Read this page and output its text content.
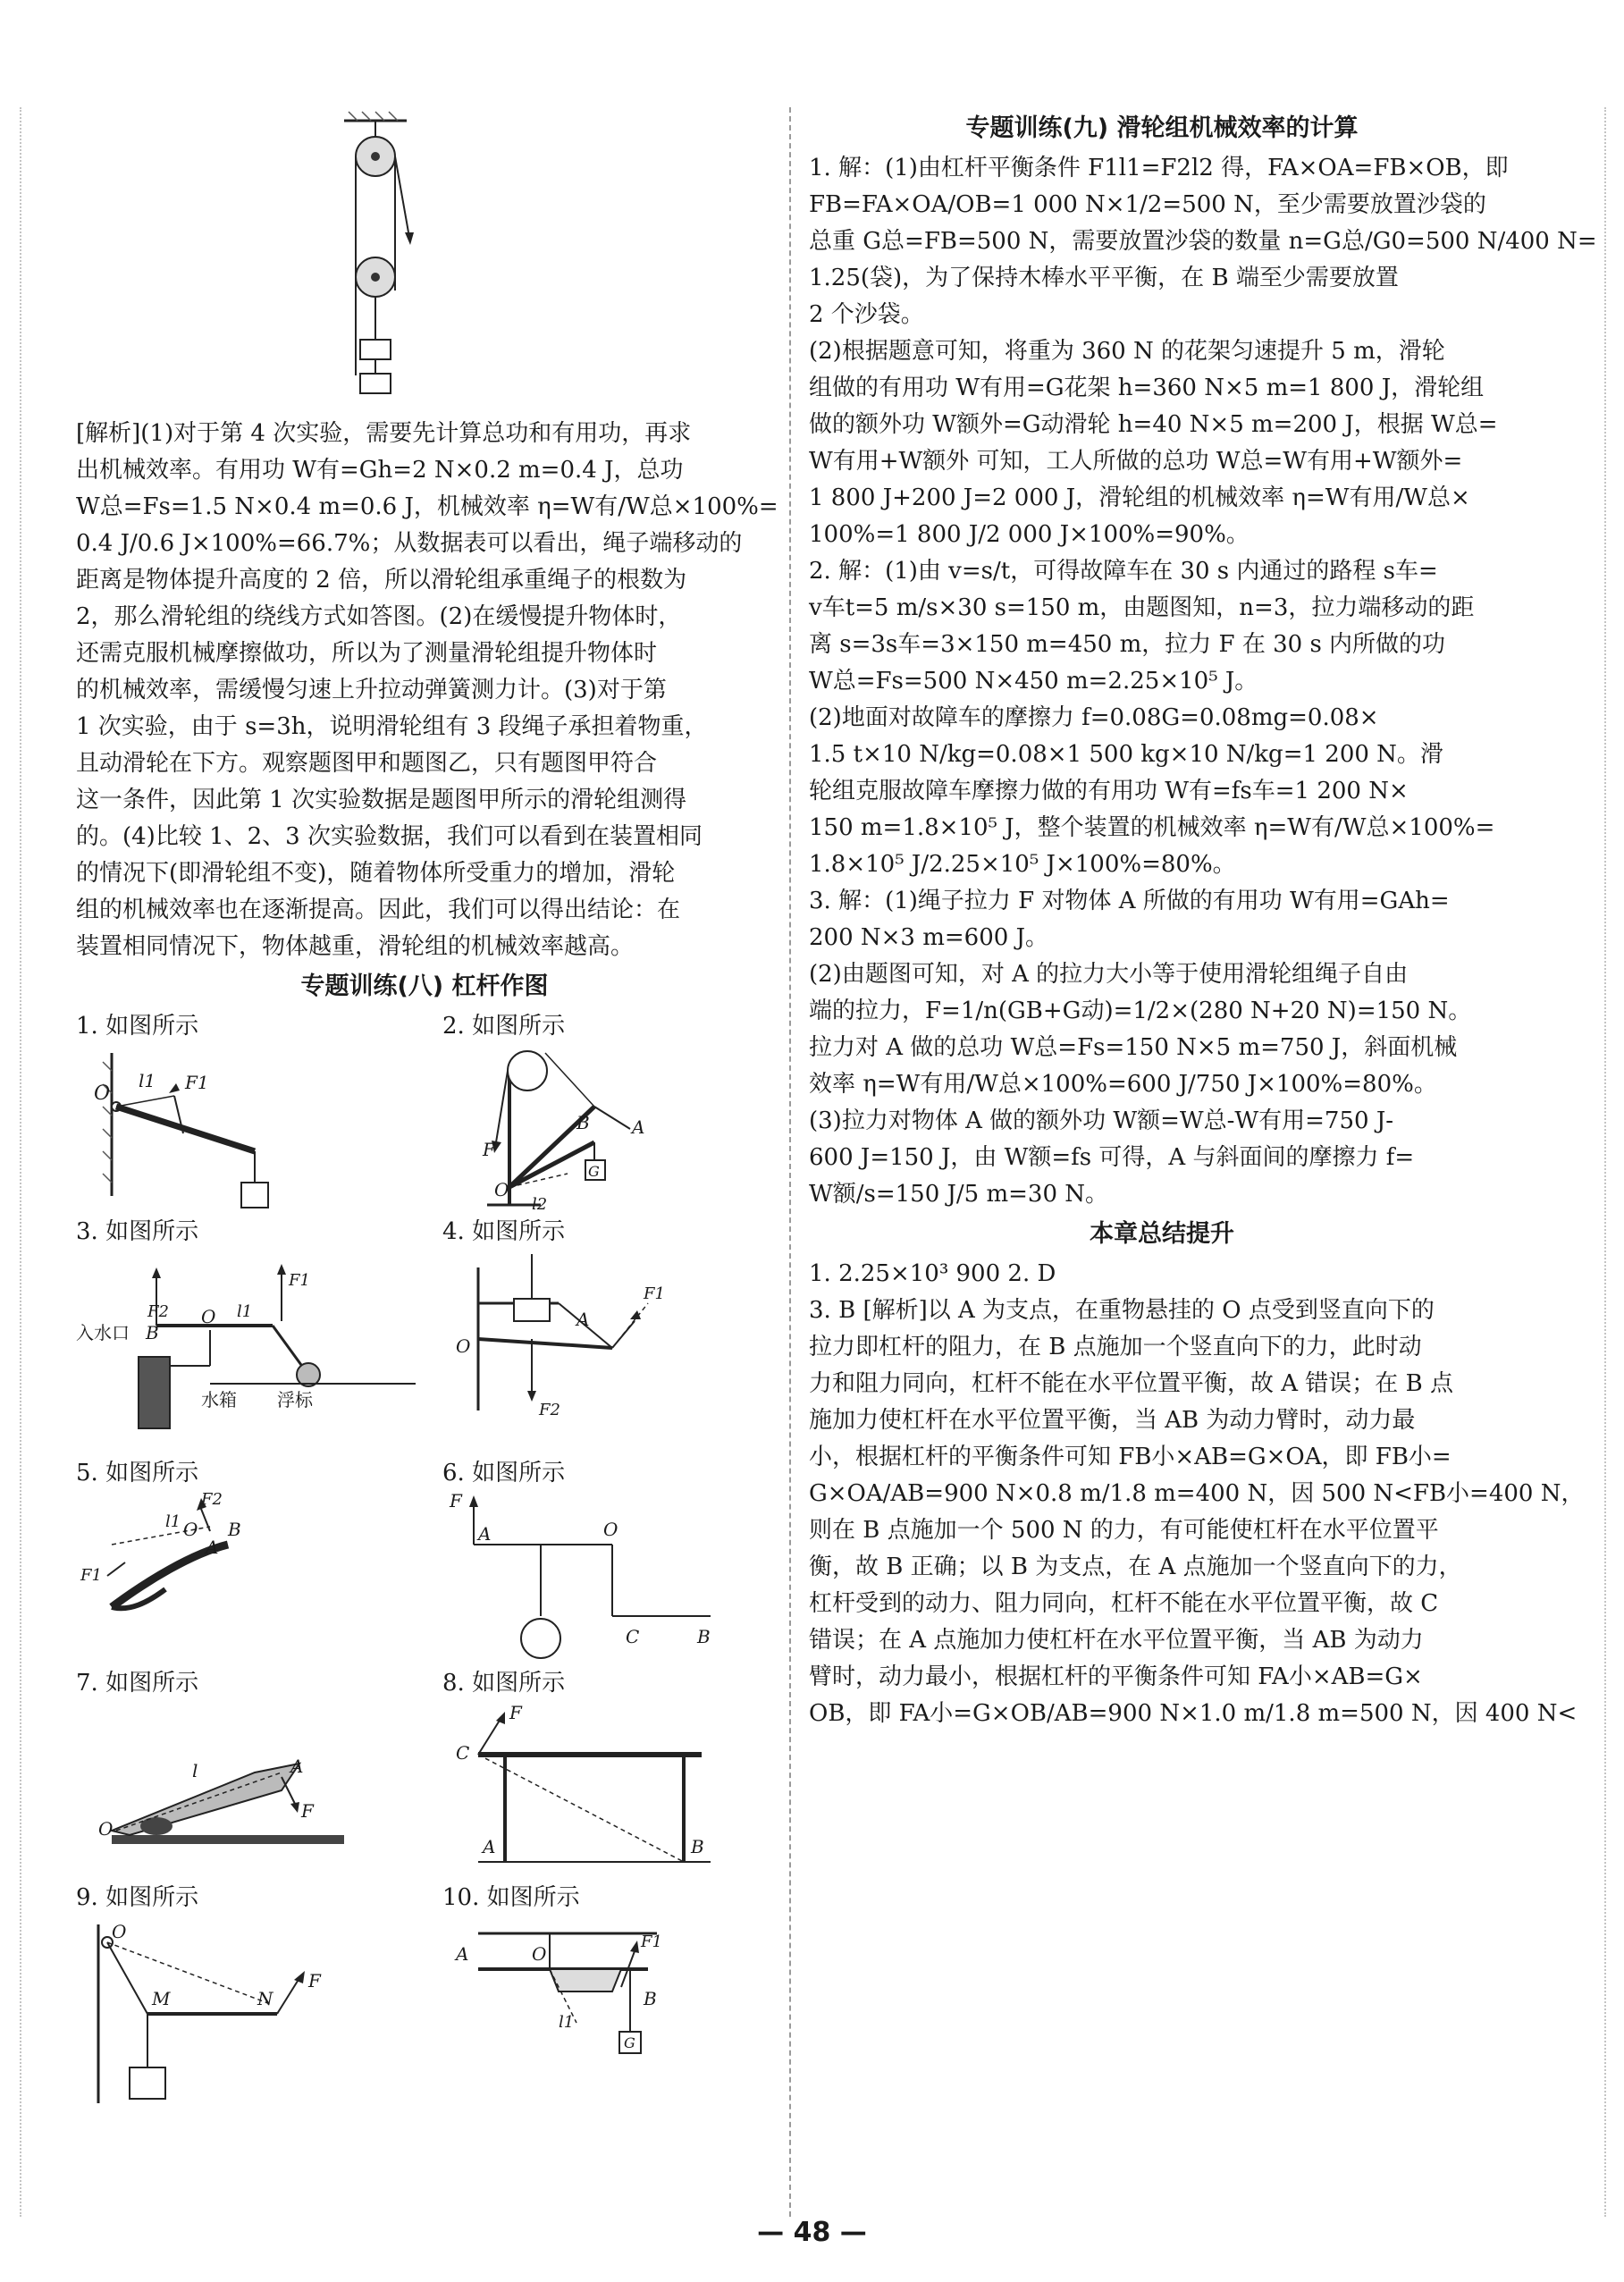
[解析](1)对于第 4 次实验，需要先计算总功和有用功，再求

出机械效率。有用功 W有=Gh=2 N×0.2 m=0.4 J，总功

W总=Fs=1.5 N×0.4 m=0.6 J，机械效率 η=W有/W总×100%=

0.4 J/0.6 J×100%=66.7%；从数据表可以看出，绳子端移动的

距离是物体提升高度的 2 倍，所以滑轮组承重绳子的根数为

2，那么滑轮组的绕线方式如答图。(2)在缓慢提升物体时，

还需克服机械摩擦做功，所以为了测量滑轮组提升物体时

的机械效率，需缓慢匀速上升拉动弹簧测力计。(3)对于第

1 次实验，由于 s=3h，说明滑轮组有 3 段绳子承担着物重，

且动滑轮在下方。观察题图甲和题图乙，只有题图甲符合

这一条件，因此第 1 次实验数据是题图甲所示的滑轮组测得

的。(4)比较 1、2、3 次实验数据，我们可以看到在装置相同

的情况下(即滑轮组不变)，随着物体所受重力的增加，滑轮

组的机械效率也在逐渐提高。因此，我们可以得出结论：在

装置相同情况下，物体越重，滑轮组的机械效率越高。

专题训练(八) 杠杆作图
1. 如图所示
O
l1 F1
2. 如图所示
F
B A
O
l2
G
3. 如图所示
F2
B
入水口
O l1
F1
水箱 浮标
4. 如图所示
O
A
F1
F2
5. 如图所示
F2
l1 O B
F1
A
6. 如图所示
F
A	O
C	B
7. 如图所示
l	A
F
O
8. 如图所示
F
C
A	B
9. 如图所示
O
M	N
F
10. 如图所示
A	O
F1
l1
B
G
专题训练(九) 滑轮组机械效率的计算

1. 解：(1)由杠杆平衡条件 F1l1=F2l2 得，FA×OA=FB×OB，即

FB=FA×OA/OB=1 000 N×1/2=500 N，至少需要放置沙袋的

总重 G总=FB=500 N，需要放置沙袋的数量 n=G总/G0=500 N/400 N=

1.25(袋)，为了保持木棒水平平衡，在 B 端至少需要放置

2 个沙袋。

(2)根据题意可知，将重为 360 N 的花架匀速提升 5 m，滑轮

组做的有用功 W有用=G花架 h=360 N×5 m=1 800 J，滑轮组

做的额外功 W额外=G动滑轮 h=40 N×5 m=200 J，根据 W总=

W有用+W额外 可知，工人所做的总功 W总=W有用+W额外=

1 800 J+200 J=2 000 J，滑轮组的机械效率 η=W有用/W总×

100%=1 800 J/2 000 J×100%=90%。

2. 解：(1)由 v=s/t，可得故障车在 30 s 内通过的路程 s车=

v车t=5 m/s×30 s=150 m，由题图知，n=3，拉力端移动的距

离 s=3s车=3×150 m=450 m，拉力 F 在 30 s 内所做的功

W总=Fs=500 N×450 m=2.25×10⁵ J。

(2)地面对故障车的摩擦力 f=0.08G=0.08mg=0.08×

1.5 t×10 N/kg=0.08×1 500 kg×10 N/kg=1 200 N。滑

轮组克服故障车摩擦力做的有用功 W有=fs车=1 200 N×

150 m=1.8×10⁵ J，整个装置的机械效率 η=W有/W总×100%=

1.8×10⁵ J/2.25×10⁵ J×100%=80%。

3. 解：(1)绳子拉力 F 对物体 A 所做的有用功 W有用=GAh=

200 N×3 m=600 J。

(2)由题图可知，对 A 的拉力大小等于使用滑轮组绳子自由

端的拉力，F=1/n(GB+G动)=1/2×(280 N+20 N)=150 N。

拉力对 A 做的总功 W总=Fs=150 N×5 m=750 J，斜面机械

效率 η=W有用/W总×100%=600 J/750 J×100%=80%。

(3)拉力对物体 A 做的额外功 W额=W总-W有用=750 J-

600 J=150 J，由 W额=fs 可得，A 与斜面间的摩擦力 f=

W额/s=150 J/5 m=30 N。

本章总结提升

1. 2.25×10³ 900 2. D

3. B [解析]以 A 为支点，在重物悬挂的 O 点受到竖直向下的

拉力即杠杆的阻力，在 B 点施加一个竖直向下的力，此时动

力和阻力同向，杠杆不能在水平位置平衡，故 A 错误；在 B 点

施加力使杠杆在水平位置平衡，当 AB 为动力臂时，动力最

小，根据杠杆的平衡条件可知 FB小×AB=G×OA，即 FB小=

G×OA/AB=900 N×0.8 m/1.8 m=400 N，因 500 N<FB小=400 N，

则在 B 点施加一个 500 N 的力，有可能使杠杆在水平位置平

衡，故 B 正确；以 B 为支点，在 A 点施加一个竖直向下的力，

杠杆受到的动力、阻力同向，杠杆不能在水平位置平衡，故 C

错误；在 A 点施加力使杠杆在水平位置平衡，当 AB 为动力

臂时，动力最小，根据杠杆的平衡条件可知 FA小×AB=G×

OB，即 FA小=G×OB/AB=900 N×1.0 m/1.8 m=500 N，因 400 N<

— 48 —
